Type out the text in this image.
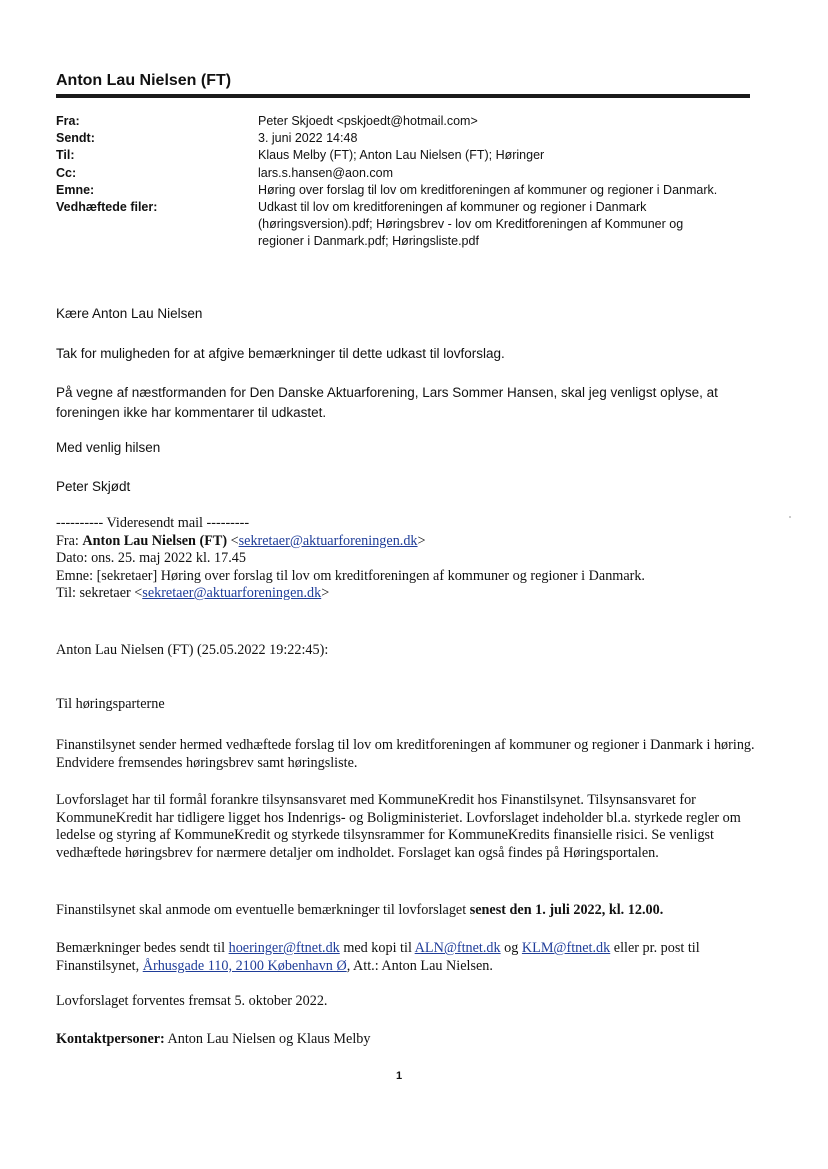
Anton Lau Nielsen (FT)
Fra:	Peter Skjoedt <pskjoedt@hotmail.com>
Sendt:	3. juni 2022 14:48
Til:	Klaus Melby (FT); Anton Lau Nielsen (FT); Høringer
Cc:	lars.s.hansen@aon.com
Emne:	Høring over forslag til lov om kreditforeningen af kommuner og regioner i Danmark.
Vedhæftede filer:	Udkast til lov om kreditforeningen af kommuner og regioner i Danmark (høringsversion).pdf; Høringsbrev - lov om Kreditforeningen af Kommuner og regioner i Danmark.pdf; Høringsliste.pdf

Kære Anton Lau Nielsen

Tak for muligheden for at afgive bemærkninger til dette udkast til lovforslag.

På vegne af næstformanden for Den Danske Aktuarforening, Lars Sommer Hansen, skal jeg venligst oplyse, at foreningen ikke har kommentarer til udkastet.

Med venlig hilsen

Peter Skjødt

---------- Videresendt mail ---------
Fra: Anton Lau Nielsen (FT) <sekretaer@aktuarforeningen.dk>
Dato: ons. 25. maj 2022 kl. 17.45
Emne: [sekretaer] Høring over forslag til lov om kreditforeningen af kommuner og regioner i Danmark.
Til: sekretaer <sekretaer@aktuarforeningen.dk>

Anton Lau Nielsen (FT) (25.05.2022 19:22:45):

Til høringsparterne

Finanstilsynet sender hermed vedhæftede forslag til lov om kreditforeningen af kommuner og regioner i Danmark i høring. Endvidere fremsendes høringsbrev samt høringsliste.

Lovforslaget har til formål forankre tilsynsansvaret med KommuneKredit hos Finanstilsynet. Tilsynsansvaret for KommuneKredit har tidligere ligget hos Indenrigs- og Boligministeriet. Lovforslaget indeholder bl.a. styrkede regler om ledelse og styring af KommuneKredit og styrkede tilsynsrammer for KommuneKredits finansielle risici. Se venligst vedhæftede høringsbrev for nærmere detaljer om indholdet. Forslaget kan også findes på Høringsportalen.

Finanstilsynet skal anmode om eventuelle bemærkninger til lovforslaget senest den 1. juli 2022, kl. 12.00.

Bemærkninger bedes sendt til hoeringer@ftnet.dk med kopi til ALN@ftnet.dk og KLM@ftnet.dk eller pr. post til Finanstilsynet, Århusgade 110, 2100 København Ø, Att.: Anton Lau Nielsen.

Lovforslaget forventes fremsat 5. oktober 2022.

Kontaktpersoner: Anton Lau Nielsen og Klaus Melby

1
